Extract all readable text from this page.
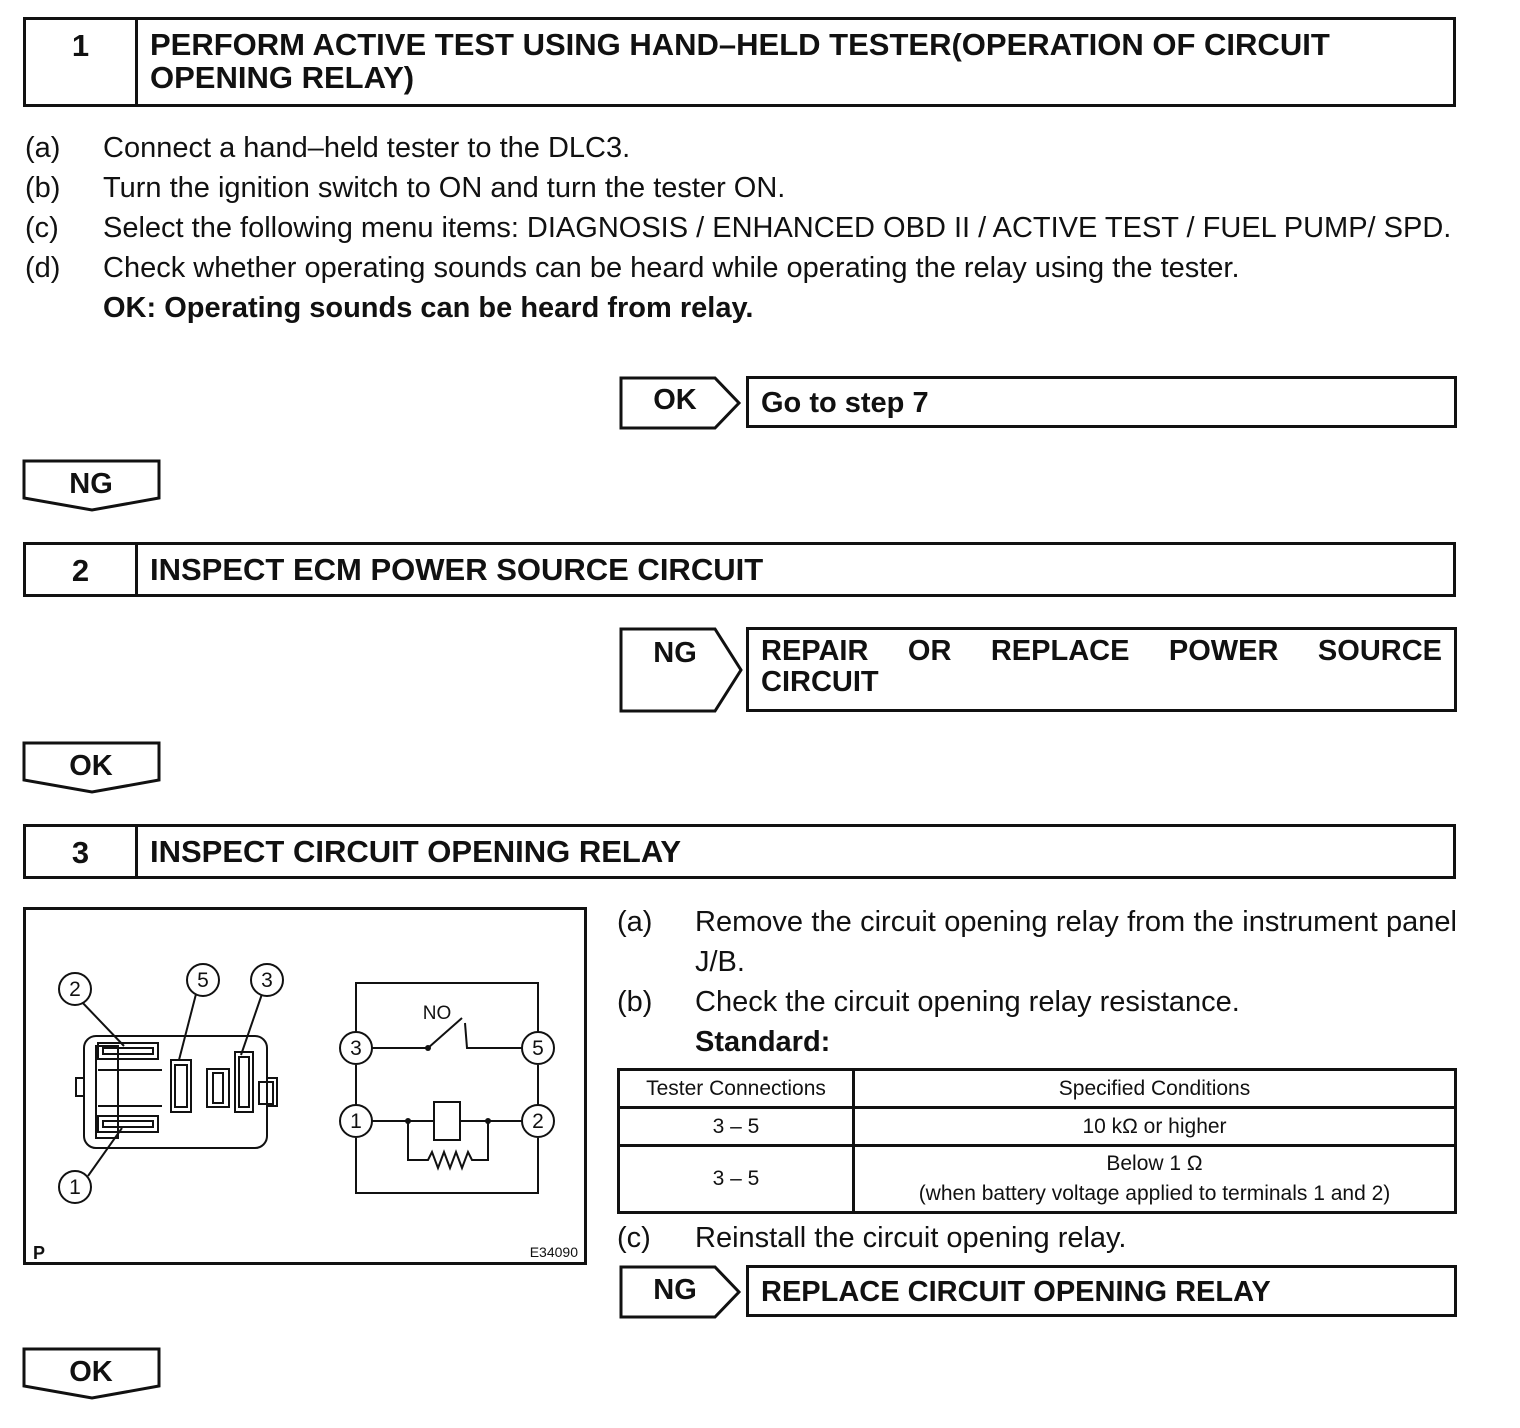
1	PERFORM ACTIVE TEST USING HAND–HELD TESTER(OPERATION OF CIRCUIT OPENING RELAY)
(a)	Connect a hand–held tester to the DLC3.
(b)	Turn the ignition switch to ON and turn the tester ON.
(c)	Select the following menu items: DIAGNOSIS / ENHANCED OBD II / ACTIVE TEST / FUEL PUMP/ SPD.
(d)	Check whether operating sounds can be heard while operating the relay using the tester.
OK: Operating sounds can be heard from relay.
OK	Go to step 7
NG
2	INSPECT ECM POWER SOURCE CIRCUIT
NG	REPAIR OR REPLACE POWER SOURCE
CIRCUIT
OK
3	INSPECT CIRCUIT OPENING RELAY
2	5 3
1
3	5
1	2
NO
P	E34090
(a)	Remove the circuit opening relay from the instrument panel J/B.
(b)	Check the circuit opening relay resistance.
Standard:
Tester Connections	Specified Conditions
3 – 5	10 kΩ or higher
3 – 5	Below 1 Ω
(when battery voltage applied to terminals 1 and 2)
(c)	Reinstall the circuit opening relay.
NG	REPLACE CIRCUIT OPENING RELAY
OK
